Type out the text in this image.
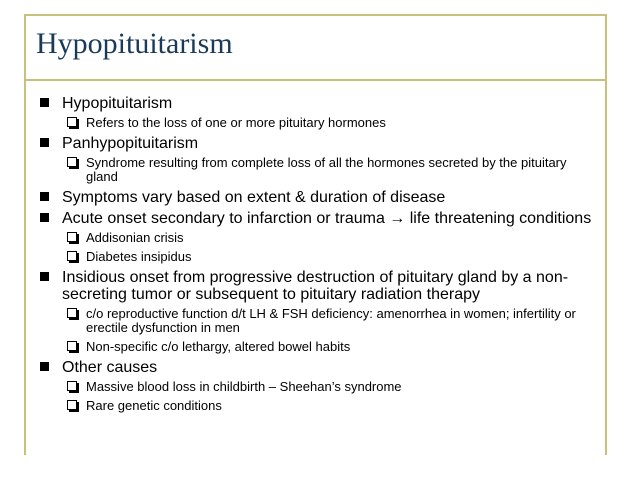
Hypopituitarism
Hypopituitarism
Refers to the loss of one or more pituitary hormones
Panhypopituitarism
Syndrome resulting from complete loss of all the hormones secreted by the pituitary gland
Symptoms vary based on extent & duration of disease
Acute onset secondary to infarction or trauma → life threatening conditions
Addisonian crisis
Diabetes insipidus
Insidious onset from progressive destruction of pituitary gland by a non-secreting tumor or subsequent to pituitary radiation therapy
c/o reproductive function d/t LH & FSH deficiency: amenorrhea in women; infertility or erectile dysfunction in men
Non-specific c/o lethargy, altered bowel habits
Other causes
Massive blood loss in childbirth – Sheehan’s syndrome
Rare genetic conditions
